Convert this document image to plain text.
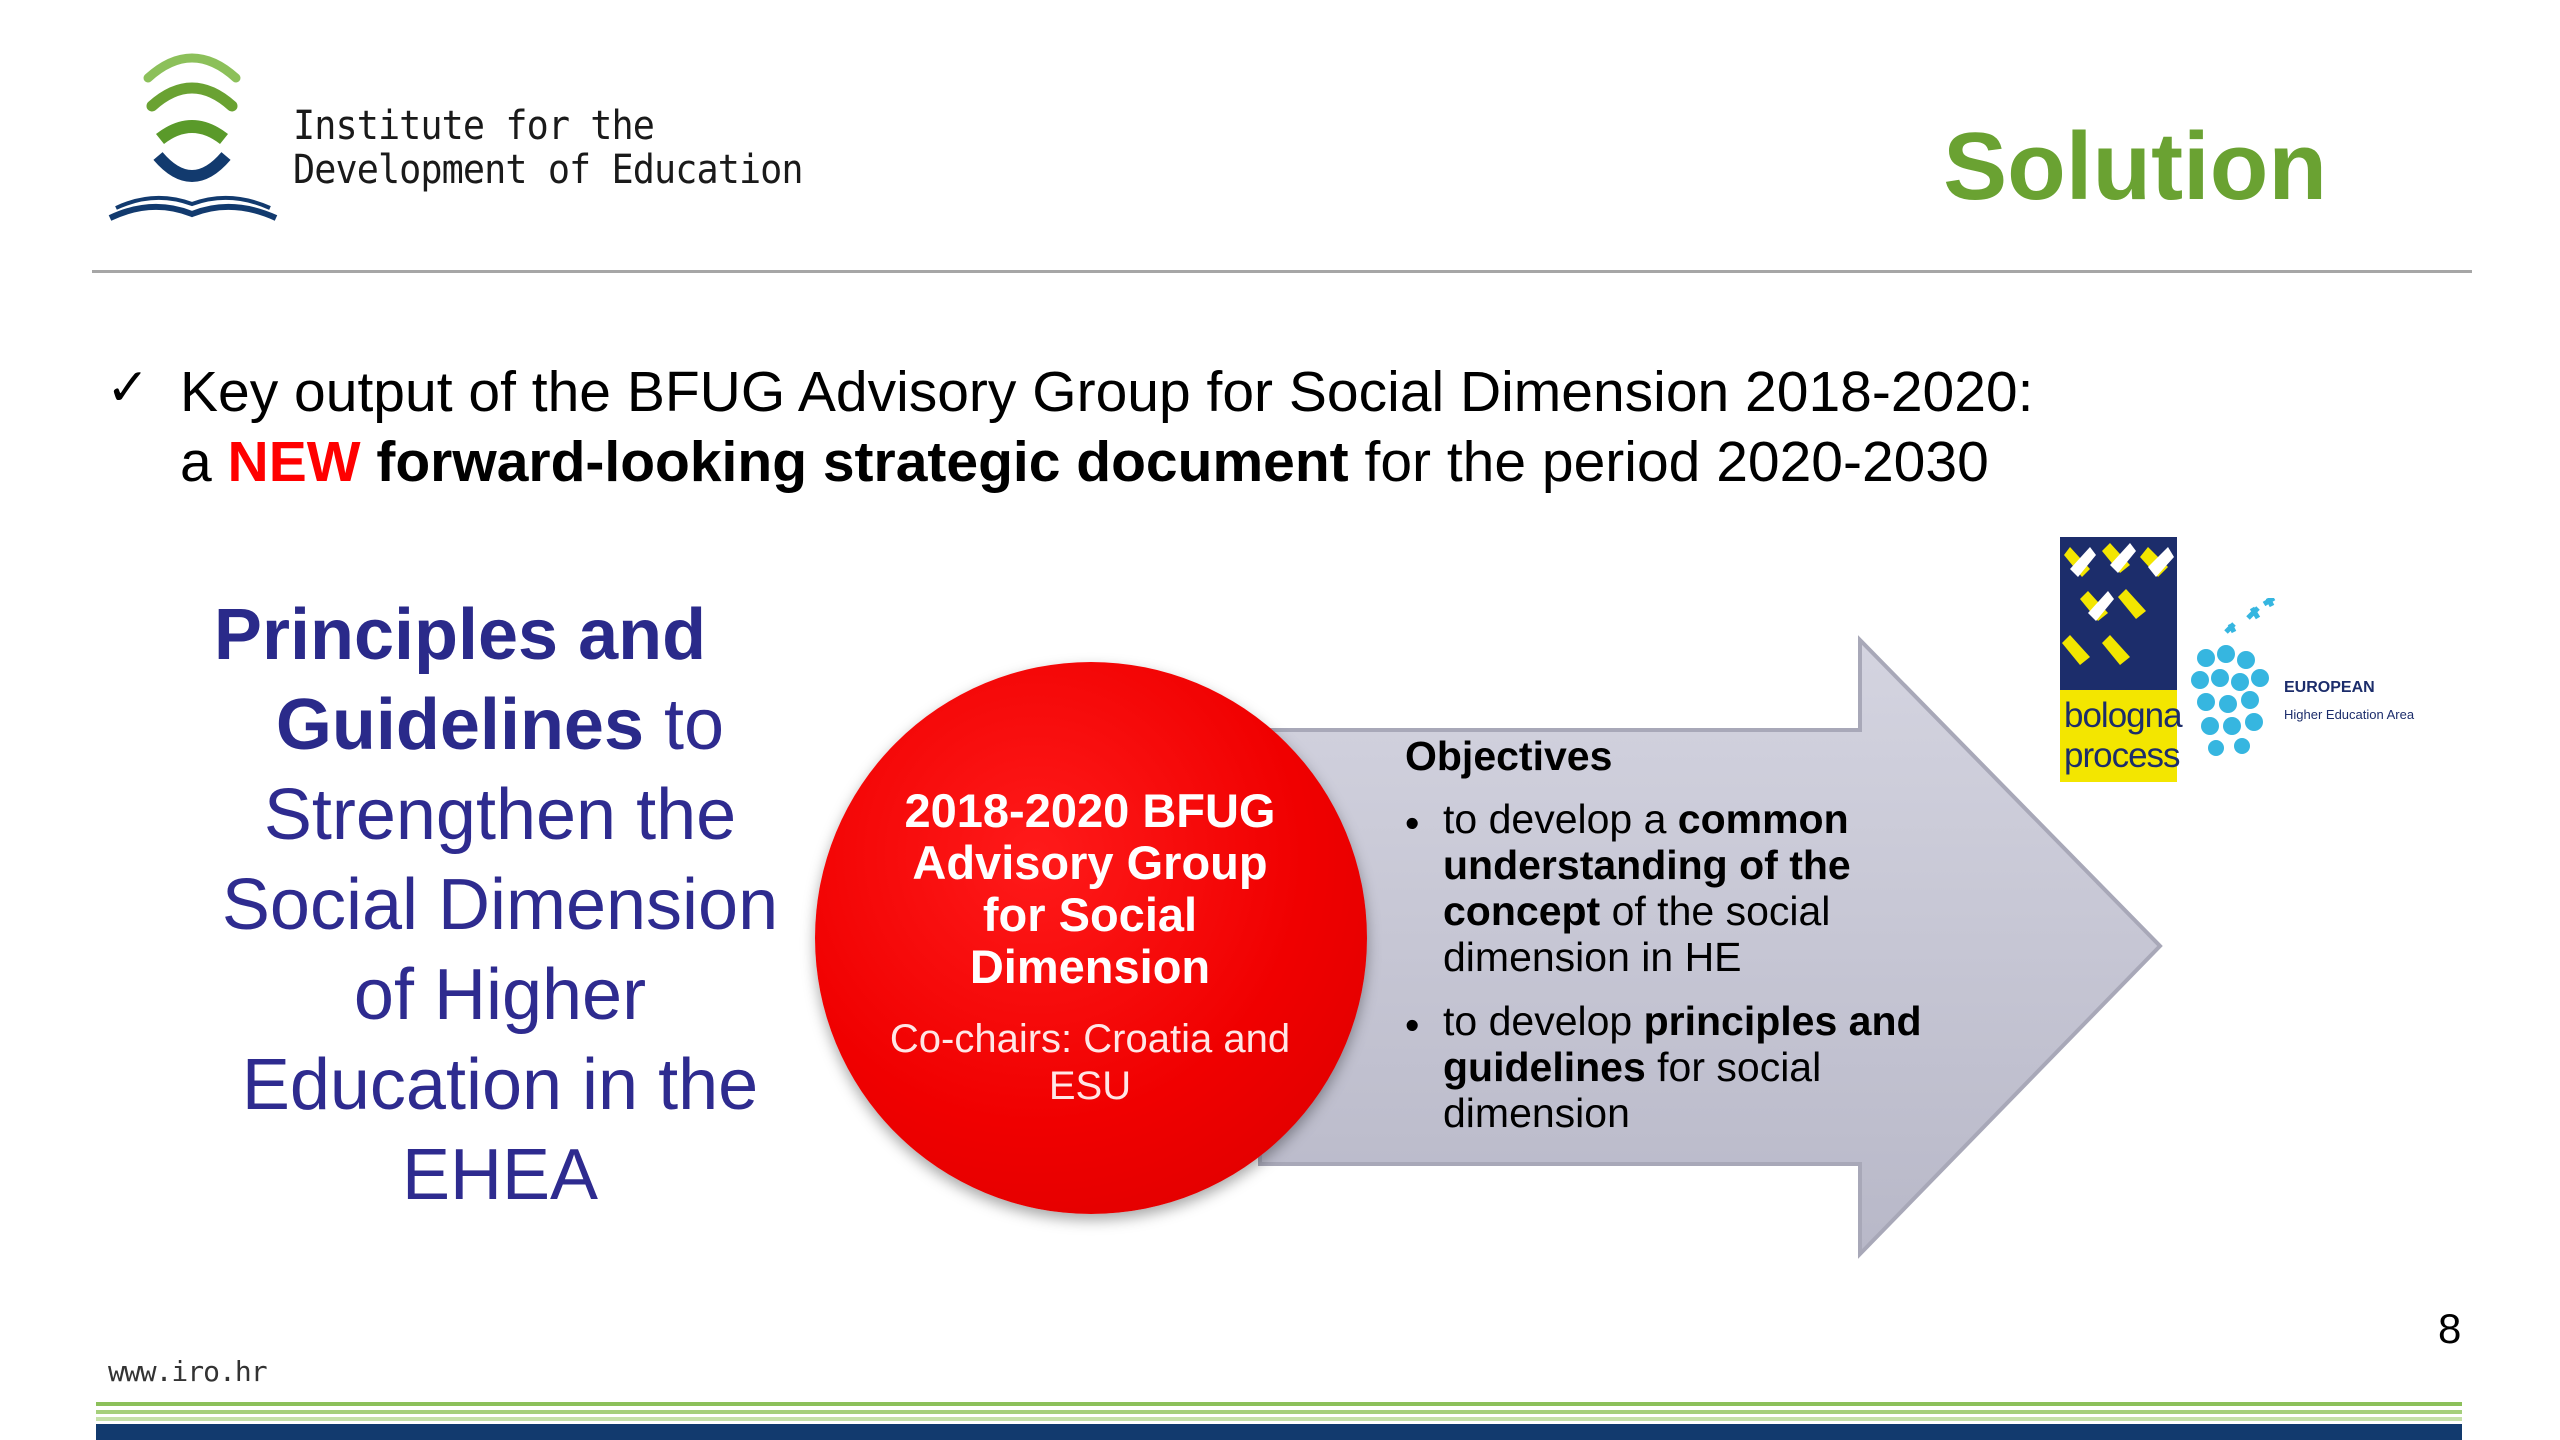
Institute for the
Development of Education	Solution
✓ Key output of the BFUG Advisory Group for Social Dimension 2018-2020:
a NEW forward-looking strategic document for the period 2020-2030
Principles and
Guidelines to
Strengthen the
Social Dimension
of Higher
Education in the
EHEA
2018-2020 BFUG Advisory Group for Social Dimension
Co-chairs: Croatia and ESU
Objectives
• to develop a common understanding of the concept of the social dimension in HE
• to develop principles and guidelines for social dimension
bologna
process
EUROPEAN
Higher Education Area
8
www.iro.hr
